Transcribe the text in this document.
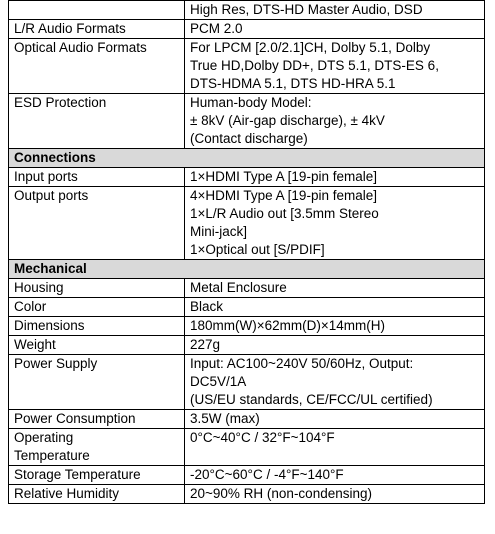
	High Res, DTS-HD Master Audio, DSD

L/R Audio Formats	PCM 2.0

Optical Audio Formats	For LPCM [2.0/2.1]CH, Dolby 5.1, Dolby
True HD,Dolby DD+, DTS 5.1, DTS-ES 6,
DTS-HDMA 5.1, DTS HD-HRA 5.1

ESD Protection	Human-body Model:
± 8kV (Air-gap discharge), ± 4kV
(Contact discharge)

Connections	
Input ports	1×HDMI Type A [19-pin female]

Output ports	4×HDMI Type A [19-pin female]
1×L/R Audio out [3.5mm Stereo
Mini-jack]
1×Optical out [S/PDIF]

Mechanical	
Housing	Metal Enclosure

Color	Black

Dimensions	180mm(W)×62mm(D)×14mm(H)

Weight	227g

Power Supply	Input: AC100~240V 50/60Hz, Output:
DC5V/1A
(US/EU standards, CE/FCC/UL certified)

Power Consumption	3.5W (max)

Operating
Temperature	0°C~40°C / 32°F~104°F

Storage Temperature	-20°C~60°C / -4°F~140°F

Relative Humidity	20~90% RH (non-condensing)
